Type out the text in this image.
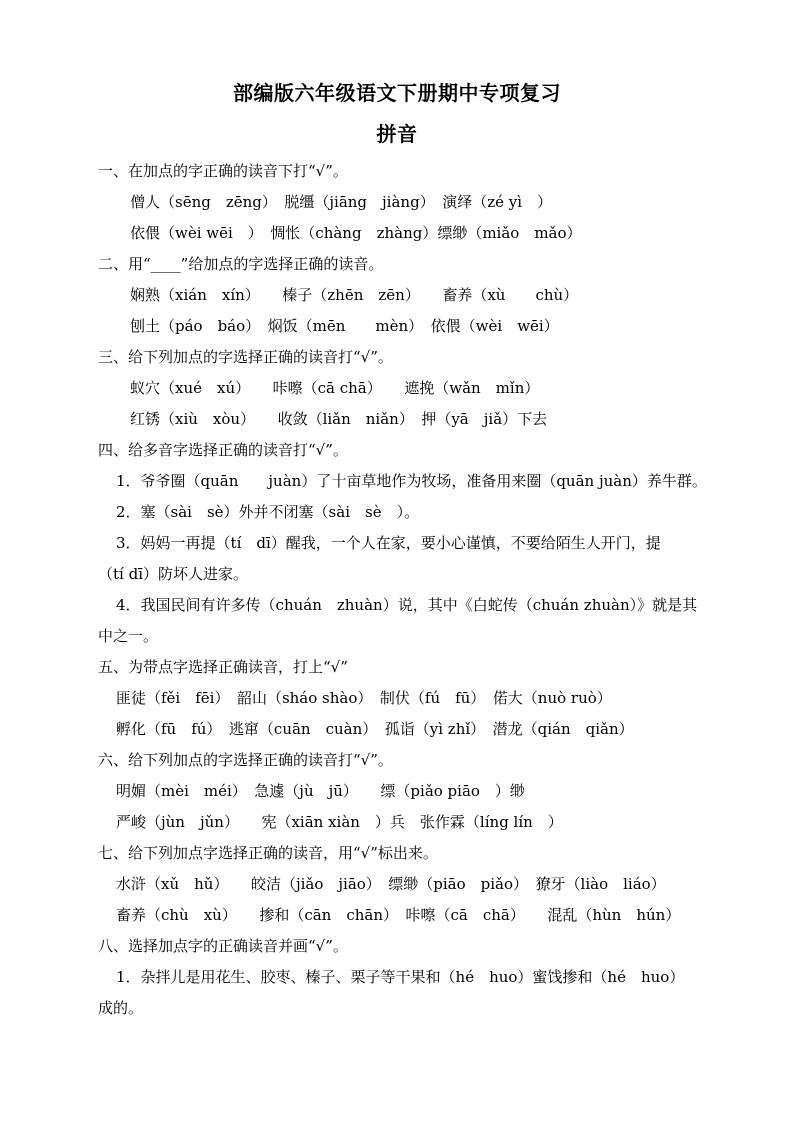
部编版六年级语文下册期中专项复习
拼音
一、在加点的字正确的读音下打“√”。
僧人（sēng　zēng）　脱缰（jiāng　jiàng）　演绎（zé yì　）
依偎（wèi wēi　）　惆怅（chàng　zhàng）缥缈（miǎo　mǎo）
二、用“____”给加点的字选择正确的读音。
娴熟（xián　xín）　　榛子（zhēn　zēn）　　畜养（xù　　chù）
刨土（páo　báo）　焖饭（mēn　　mèn）　依偎（wèi　wēi）
三、给下列加点的字选择正确的读音打“√”。
蚁穴（xué　xú）　　咔嚓（cā chā）　　遮挽（wǎn　mǐn）
红锈（xiù　xòu）　　收敛（liǎn　niǎn）　押（yā　jiǎ）下去
四、给多音字选择正确的读音打“√”。
1．爷爷圈（quān　　juàn）了十亩草地作为牧场，准备用来圈（quān juàn）养牛群。
2．塞（sài　sè）外并不闭塞（sài　sè　）。
3．妈妈一再提（tí　dī）醒我，一个人在家，要小心谨慎，不要给陌生人开门，提
（tí dī）防坏人进家。
4．我国民间有许多传（chuán　zhuàn）说，其中《白蛇传（chuán zhuàn）》就是其
中之一。
五、为带点字选择正确读音，打上“√”
匪徒（fěi　fēi）　韶山（sháo shào）　制伏（fú　fū）　偌大（nuò ruò）
孵化（fū　fú）　逃窜（cuān　cuàn）　孤诣（yì zhǐ）　潜龙（qián　qiǎn）
六、给下列加点的字选择正确的读音打“√”。
明媚（mèi　méi）　急遽（jù　jū）　　缥（piǎo piāo　）缈
严峻（jùn　jǔn）　　宪（xiān xiàn　）兵　张作霖（líng lín　）
七、给下列加点字选择正确的读音，用“√”标出来。
水浒（xǔ　hǔ）　　皎洁（jiǎo　jiāo）　缥缈（piāo　piǎo）　獠牙（liào　liáo）
畜养（chù　xù）　　掺和（cān　chān）　咔嚓（cā　chā）　　混乱（hùn　hún）
八、选择加点字的正确读音并画“√”。
1．杂拌儿是用花生、胶枣、榛子、栗子等干果和（hé　huo）蜜饯掺和（hé　huo）
成的。
